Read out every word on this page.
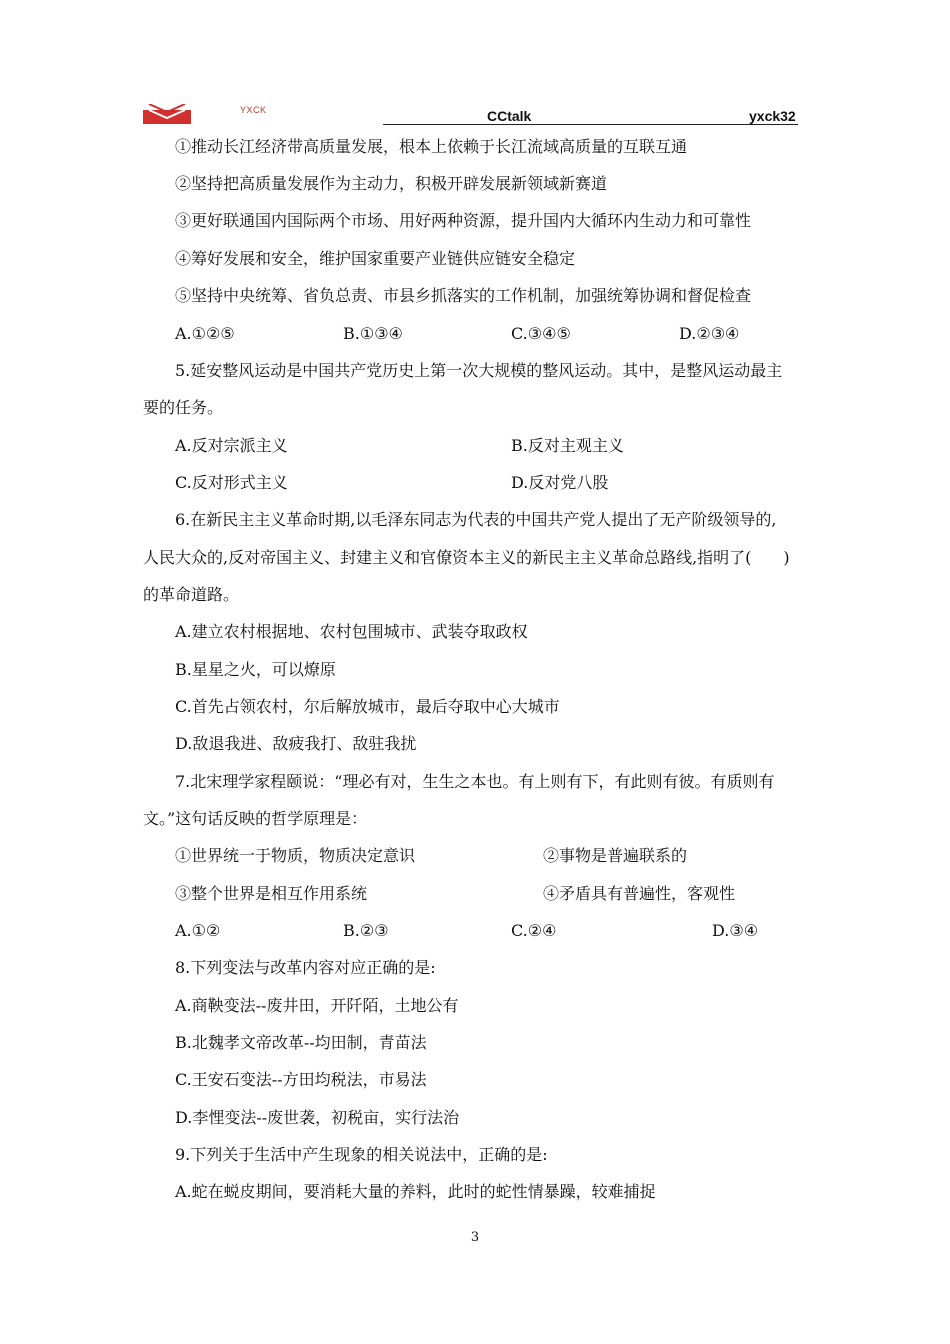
YXCK	CCtalk	yxck32
①推动长江经济带高质量发展，根本上依赖于长江流域高质量的互联互通
②坚持把高质量发展作为主动力，积极开辟发展新领域新赛道
③更好联通国内国际两个市场、用好两种资源，提升国内大循环内生动力和可靠性
④筹好发展和安全，维护国家重要产业链供应链安全稳定
⑤坚持中央统筹、省负总责、市县乡抓落实的工作机制，加强统筹协调和督促检查
A.①②⑤	B.①③④	C.③④⑤	D.②③④
5.延安整风运动是中国共产党历史上第一次大规模的整风运动。其中，是整风运动最主
要的任务。
A.反对宗派主义	B.反对主观主义
C.反对形式主义	D.反对党八股
6.在新民主主义革命时期,以毛泽东同志为代表的中国共产党人提出了无产阶级领导的,
人民大众的,反对帝国主义、封建主义和官僚资本主义的新民主主义革命总路线,指明了(　　)
的革命道路。
A.建立农村根据地、农村包围城市、武装夺取政权
B.星星之火，可以燎原
C.首先占领农村，尔后解放城市，最后夺取中心大城市
D.敌退我进、敌疲我打、敌驻我扰
7.北宋理学家程颐说：“理必有对，生生之本也。有上则有下，有此则有彼。有质则有
文。”这句话反映的哲学原理是：
①世界统一于物质，物质决定意识	②事物是普遍联系的
③整个世界是相互作用系统	④矛盾具有普遍性，客观性
A.①②	B.②③	C.②④	D.③④
8.下列变法与改革内容对应正确的是:
A.商鞅变法--废井田，开阡陌，土地公有
B.北魏孝文帝改革--均田制，青苗法
C.王安石变法--方田均税法，市易法
D.李悝变法--废世袭，初税亩，实行法治
9.下列关于生活中产生现象的相关说法中，正确的是:
A.蛇在蜕皮期间，要消耗大量的养料，此时的蛇性情暴躁，较难捕捉
3
